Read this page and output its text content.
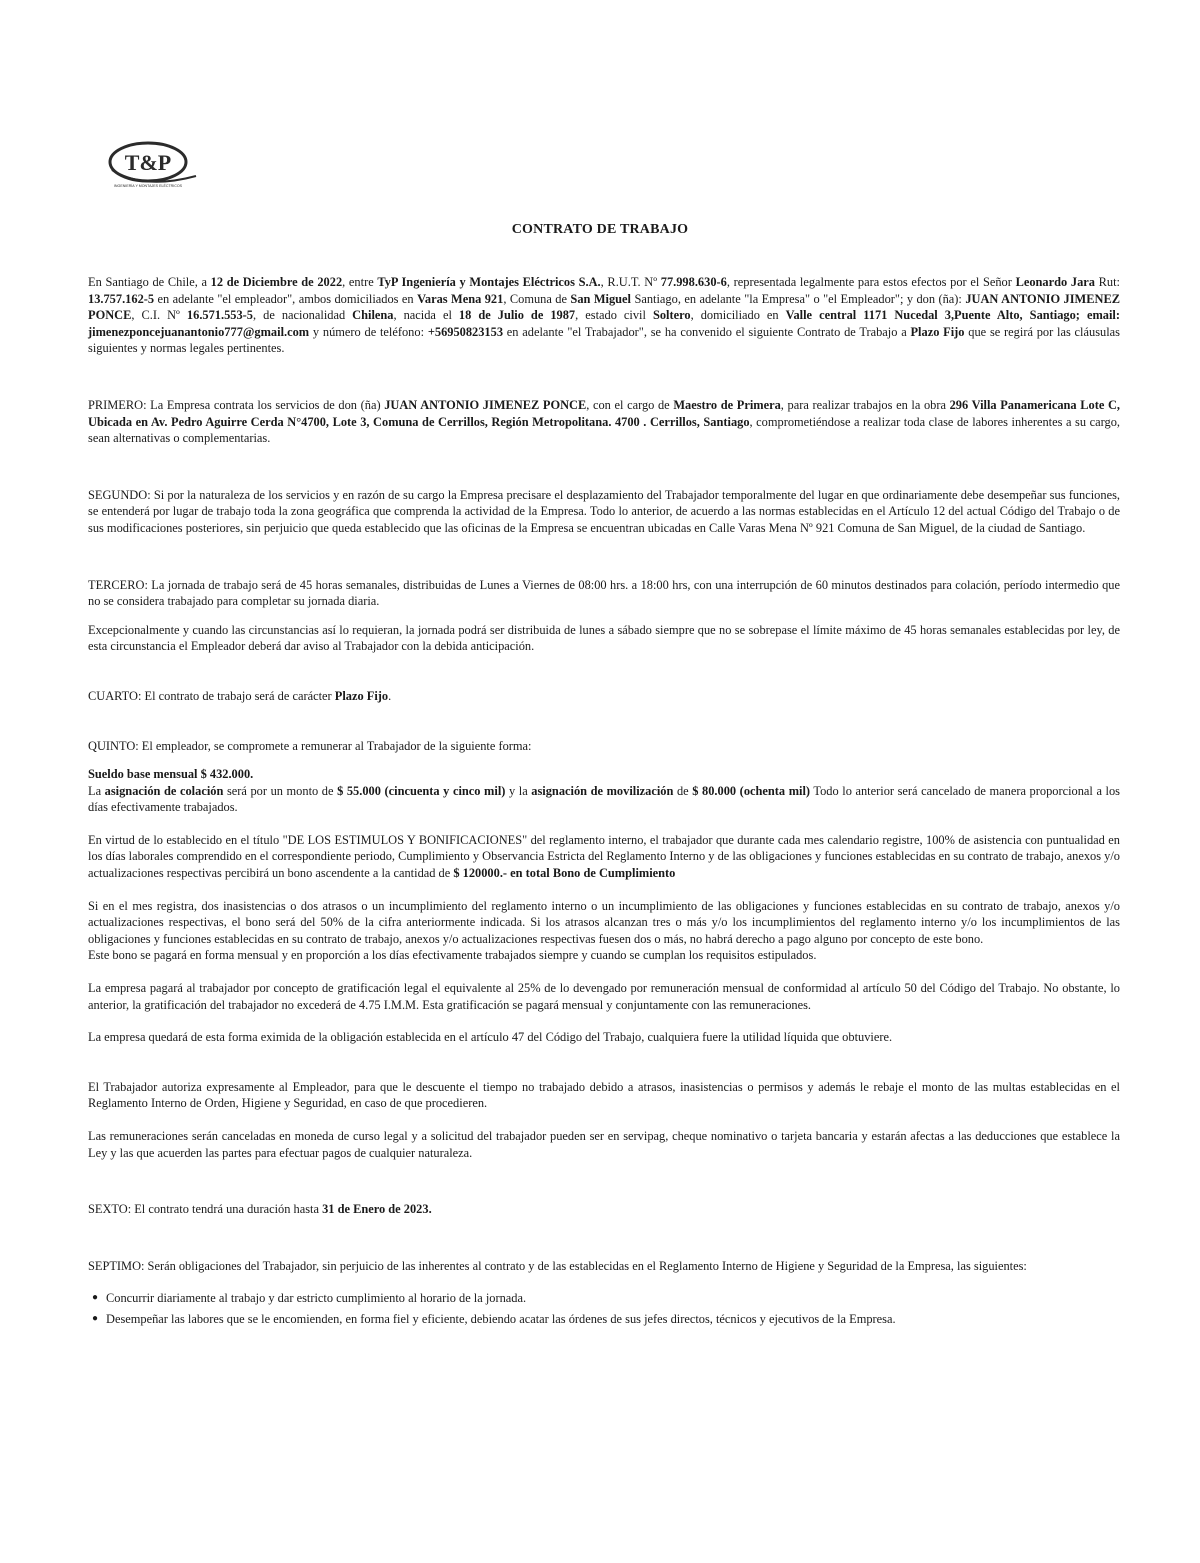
T&P
INGENIERÍA Y MONTAJES ELÉCTRICOS
CONTRATO DE TRABAJO

En Santiago de Chile, a 12 de Diciembre de 2022, entre TyP Ingeniería y Montajes Eléctricos S.A., R.U.T. Nº 77.998.630-6, representada legalmente para estos efectos por el Señor Leonardo Jara Rut: 13.757.162-5 en adelante "el empleador", ambos domiciliados en Varas Mena 921, Comuna de San Miguel Santiago, en adelante "la Empresa" o "el Empleador"; y don (ña): JUAN ANTONIO JIMENEZ PONCE, C.I. Nº 16.571.553-5, de nacionalidad Chilena, nacida el 18 de Julio de 1987, estado civil Soltero, domiciliado en Valle central 1171 Nucedal 3,Puente Alto, Santiago; email: jimenezponcejuanantonio777@gmail.com y número de teléfono: +56950823153 en adelante "el Trabajador", se ha convenido el siguiente Contrato de Trabajo a Plazo Fijo que se regirá por las cláusulas siguientes y normas legales pertinentes.

PRIMERO: La Empresa contrata los servicios de don (ña) JUAN ANTONIO JIMENEZ PONCE, con el cargo de Maestro de Primera, para realizar trabajos en la obra 296 Villa Panamericana Lote C, Ubicada en Av. Pedro Aguirre Cerda N°4700, Lote 3, Comuna de Cerrillos, Región Metropolitana. 4700 . Cerrillos, Santiago, comprometiéndose a realizar toda clase de labores inherentes a su cargo, sean alternativas o complementarias.

SEGUNDO: Si por la naturaleza de los servicios y en razón de su cargo la Empresa precisare el desplazamiento del Trabajador temporalmente del lugar en que ordinariamente debe desempeñar sus funciones, se entenderá por lugar de trabajo toda la zona geográfica que comprenda la actividad de la Empresa. Todo lo anterior, de acuerdo a las normas establecidas en el Artículo 12 del actual Código del Trabajo o de sus modificaciones posteriores, sin perjuicio que queda establecido que las oficinas de la Empresa se encuentran ubicadas en Calle Varas Mena Nº 921 Comuna de San Miguel, de la ciudad de Santiago.

TERCERO: La jornada de trabajo será de 45 horas semanales, distribuidas de Lunes a Viernes de 08:00 hrs. a 18:00 hrs, con una interrupción de 60 minutos destinados para colación, período intermedio que no se considera trabajado para completar su jornada diaria.

Excepcionalmente y cuando las circunstancias así lo requieran, la jornada podrá ser distribuida de lunes a sábado siempre que no se sobrepase el límite máximo de 45 horas semanales establecidas por ley, de esta circunstancia el Empleador deberá dar aviso al Trabajador con la debida anticipación.

CUARTO: El contrato de trabajo será de carácter Plazo Fijo.

QUINTO: El empleador, se compromete a remunerar al Trabajador de la siguiente forma:

Sueldo base mensual $ 432.000.

La asignación de colación será por un monto de $ 55.000 (cincuenta y cinco mil) y la asignación de movilización de $ 80.000 (ochenta mil) Todo lo anterior será cancelado de manera proporcional a los días efectivamente trabajados.

En virtud de lo establecido en el título "DE LOS ESTIMULOS Y BONIFICACIONES" del reglamento interno, el trabajador que durante cada mes calendario registre, 100% de asistencia con puntualidad en los días laborales comprendido en el correspondiente periodo, Cumplimiento y Observancia Estricta del Reglamento Interno y de las obligaciones y funciones establecidas en su contrato de trabajo, anexos y/o actualizaciones respectivas percibirá un bono ascendente a la cantidad de $ 120000.- en total Bono de Cumplimiento

Si en el mes registra, dos inasistencias o dos atrasos o un incumplimiento del reglamento interno o un incumplimiento de las obligaciones y funciones establecidas en su contrato de trabajo, anexos y/o actualizaciones respectivas, el bono será del 50% de la cifra anteriormente indicada. Si los atrasos alcanzan tres o más y/o los incumplimientos del reglamento interno y/o los incumplimientos de las obligaciones y funciones establecidas en su contrato de trabajo, anexos y/o actualizaciones respectivas fuesen dos o más, no habrá derecho a pago alguno por concepto de este bono.

Este bono se pagará en forma mensual y en proporción a los días efectivamente trabajados siempre y cuando se cumplan los requisitos estipulados.

La empresa pagará al trabajador por concepto de gratificación legal el equivalente al 25% de lo devengado por remuneración mensual de conformidad al artículo 50 del Código del Trabajo. No obstante, lo anterior, la gratificación del trabajador no excederá de 4.75 I.M.M. Esta gratificación se pagará mensual y conjuntamente con las remuneraciones.

La empresa quedará de esta forma eximida de la obligación establecida en el artículo 47 del Código del Trabajo, cualquiera fuere la utilidad líquida que obtuviere.

El Trabajador autoriza expresamente al Empleador, para que le descuente el tiempo no trabajado debido a atrasos, inasistencias o permisos y además le rebaje el monto de las multas establecidas en el Reglamento Interno de Orden, Higiene y Seguridad, en caso de que procedieren.

Las remuneraciones serán canceladas en moneda de curso legal y a solicitud del trabajador pueden ser en servipag, cheque nominativo o tarjeta bancaria y estarán afectas a las deducciones que establece la Ley y las que acuerden las partes para efectuar pagos de cualquier naturaleza.

SEXTO: El contrato tendrá una duración hasta 31 de Enero de 2023.

SEPTIMO: Serán obligaciones del Trabajador, sin perjuicio de las inherentes al contrato y de las establecidas en el Reglamento Interno de Higiene y Seguridad de la Empresa, las siguientes:

● Concurrir diariamente al trabajo y dar estricto cumplimiento al horario de la jornada.
● Desempeñar las labores que se le encomienden, en forma fiel y eficiente, debiendo acatar las órdenes de sus jefes directos, técnicos y ejecutivos de la Empresa.
